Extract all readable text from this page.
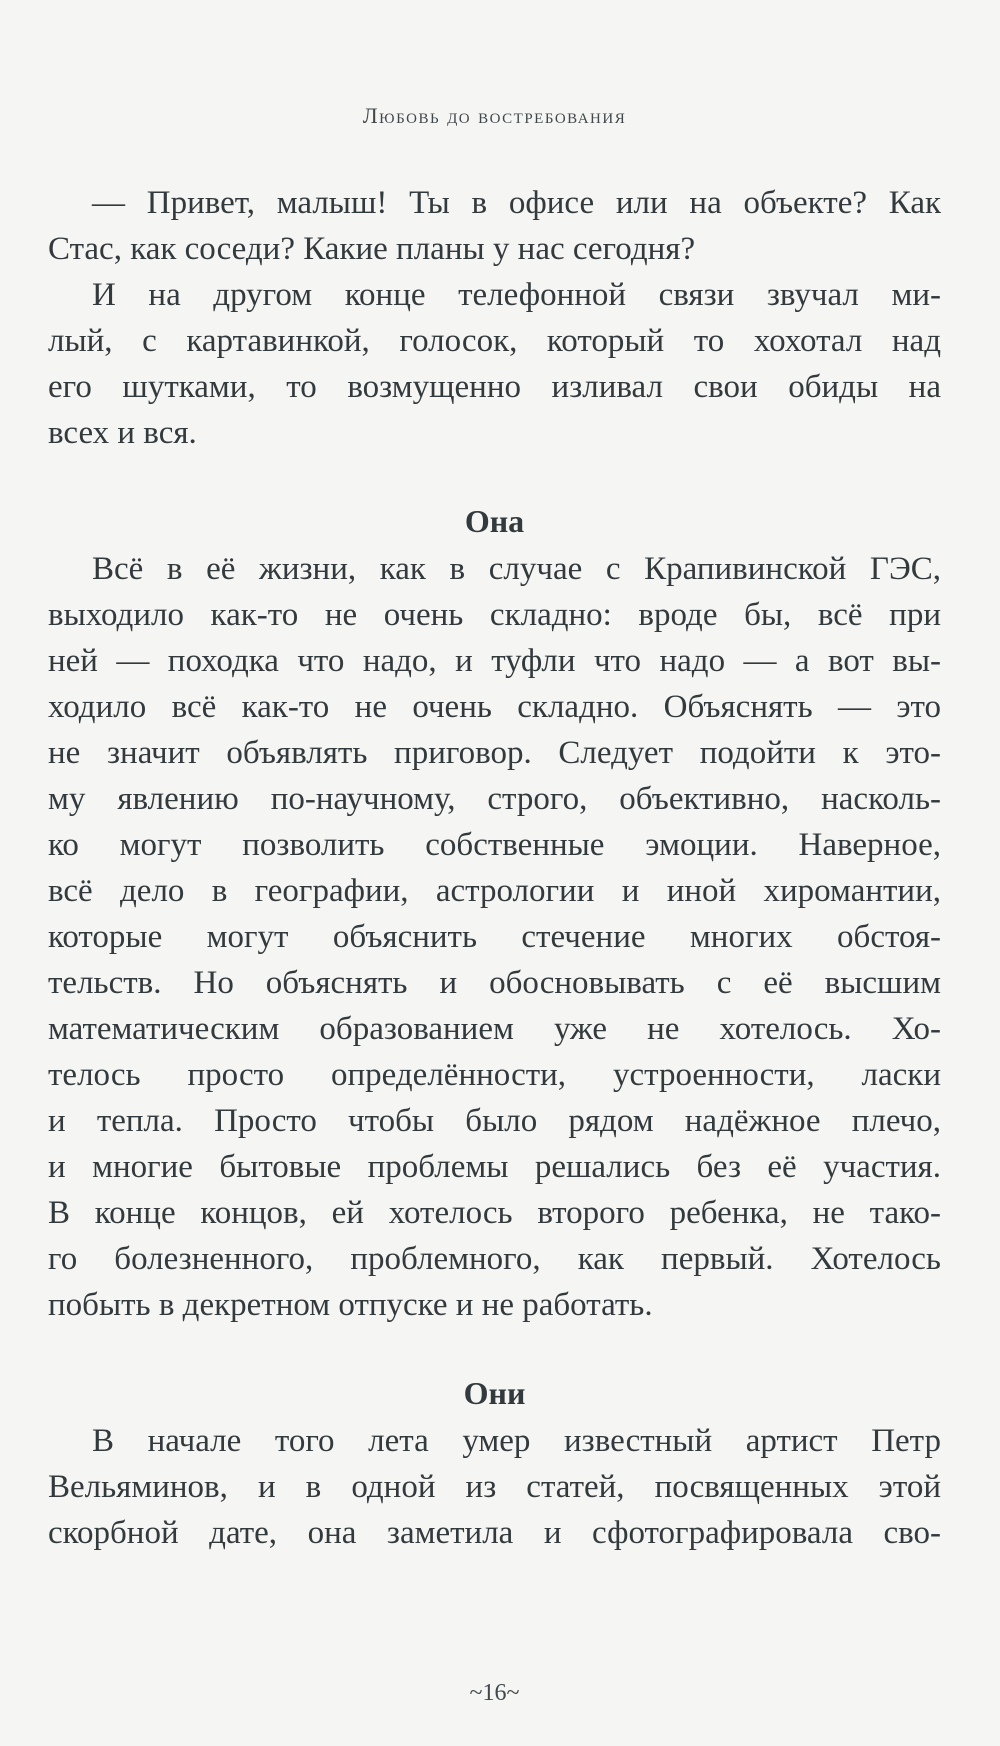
Любовь до востребования
— Привет, малыш! Ты в офисе или на объекте? Как
Стас, как соседи? Какие планы у нас сегодня?
И на другом конце телефонной связи звучал ми-
лый, с картавинкой, голосок, который то хохотал над
его шутками, то возмущенно изливал свои обиды на
всех и вся.
Она
Всё в её жизни, как в случае с Крапивинской ГЭС,
выходило как-то не очень складно: вроде бы, всё при
ней — походка что надо, и туфли что надо — а вот вы-
ходило всё как-то не очень складно. Объяснять — это
не значит объявлять приговор. Следует подойти к это-
му явлению по-научному, строго, объективно, насколь-
ко могут позволить собственные эмоции. Наверное,
всё дело в географии, астрологии и иной хиромантии,
которые могут объяснить стечение многих обстоя-
тельств. Но объяснять и обосновывать с её высшим
математическим образованием уже не хотелось. Хо-
телось просто определённости, устроенности, ласки
и тепла. Просто чтобы было рядом надёжное плечо,
и многие бытовые проблемы решались без её участия.
В конце концов, ей хотелось второго ребенка, не тако-
го болезненного, проблемного, как первый. Хотелось
побыть в декретном отпуске и не работать.
Они
В начале того лета умер известный артист Петр
Вельяминов, и в одной из статей, посвященных этой
скорбной дате, она заметила и сфотографировала сво-
~16~
